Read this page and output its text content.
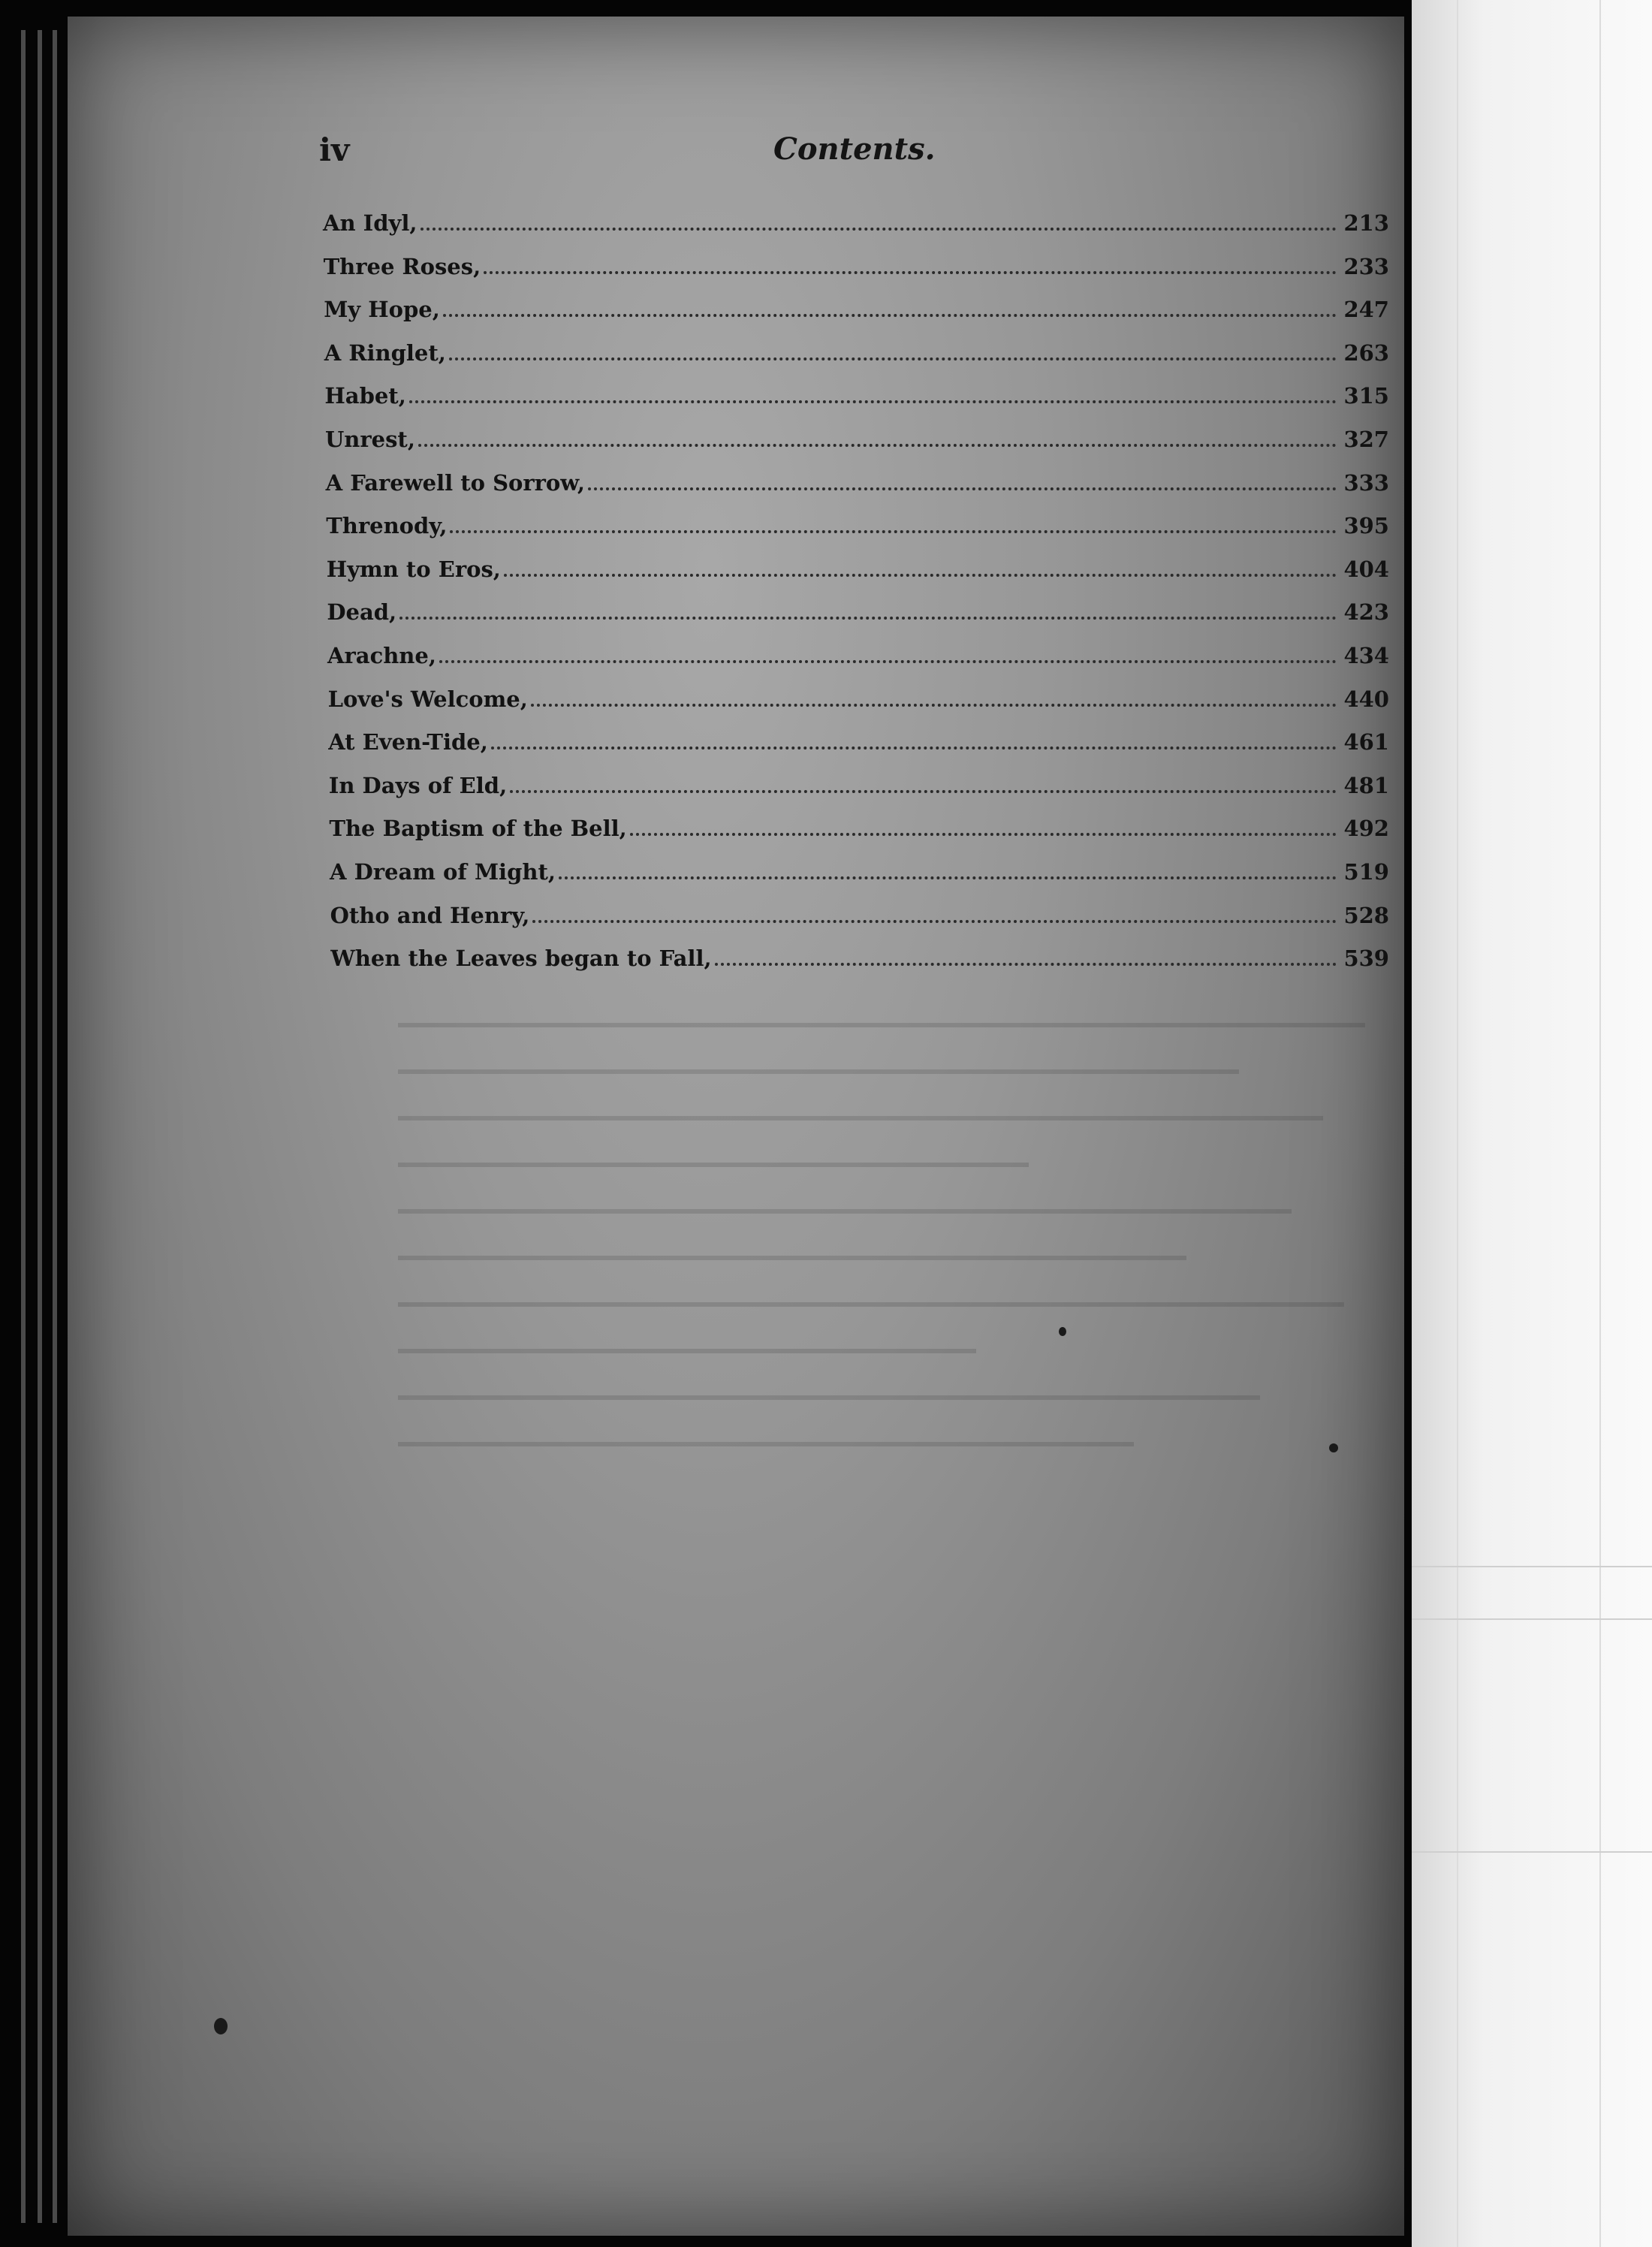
iv	Contents.
An Idyl,	213
Three Roses,	233
My Hope,	247
A Ringlet,	263
Habet,	315
Unrest,	327
A Farewell to Sorrow,	333
Threnody,	395
Hymn to Eros,	404
Dead,	423
Arachne,	434
Love's Welcome,	440
At Even-Tide,	461
In Days of Eld,	481
The Baptism of the Bell,	492
A Dream of Might,	519
Otho and Henry,	528
When the Leaves began to Fall,	539
